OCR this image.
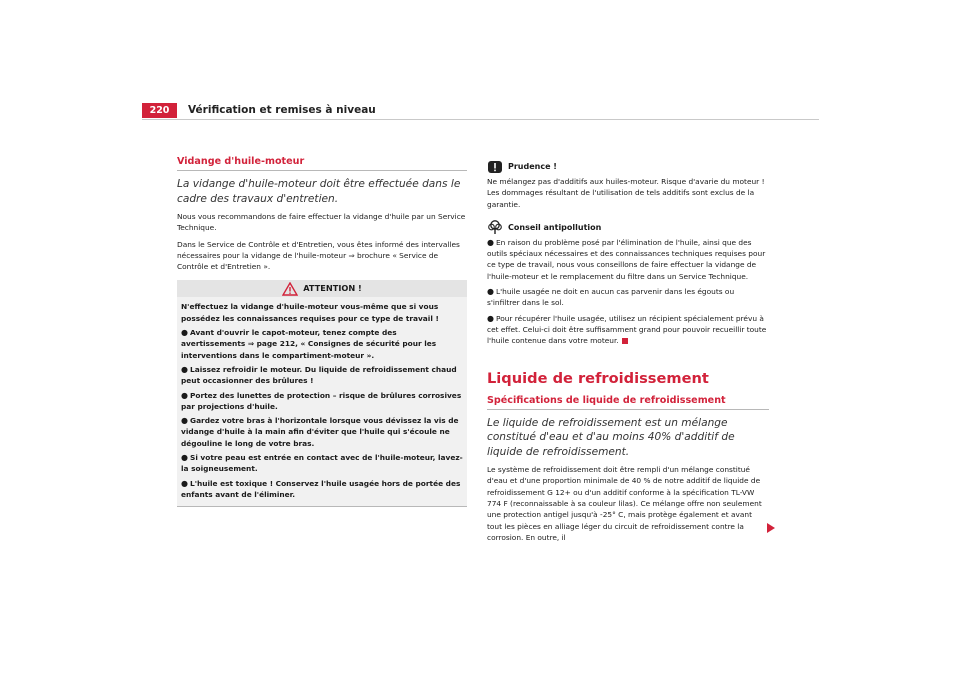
220	Vérification et remises à niveau
Vidange d'huile-moteur
La vidange d'huile-moteur doit être effectuée dans le cadre des travaux d'entretien.

Nous vous recommandons de faire effectuer la vidange d'huile par un Service Technique.

Dans le Service de Contrôle et d'Entretien, vous êtes informé des intervalles nécessaires pour la vidange de l'huile-moteur ⇒ brochure « Service de Contrôle et d'Entretien ».

ATTENTION !
N'effectuez la vidange d'huile-moteur vous-même que si vous possédez les connaissances requises pour ce type de travail !
● Avant d'ouvrir le capot-moteur, tenez compte des avertissements ⇒ page 212, « Consignes de sécurité pour les interventions dans le compartiment-moteur ».
● Laissez refroidir le moteur. Du liquide de refroidissement chaud peut occasionner des brûlures !
● Portez des lunettes de protection – risque de brûlures corrosives par projections d'huile.
● Gardez votre bras à l'horizontale lorsque vous dévissez la vis de vidange d'huile à la main afin d'éviter que l'huile qui s'écoule ne dégouline le long de votre bras.
● Si votre peau est entrée en contact avec de l'huile-moteur, lavez-la soigneusement.
● L'huile est toxique ! Conservez l'huile usagée hors de portée des enfants avant de l'éliminer.
Prudence !

Ne mélangez pas d'additifs aux huiles-moteur. Risque d'avarie du moteur ! Les dommages résultant de l'utilisation de tels additifs sont exclus de la garantie.

Conseil antipollution
● En raison du problème posé par l'élimination de l'huile, ainsi que des outils spéciaux nécessaires et des connaissances techniques requises pour ce type de travail, nous vous conseillons de faire effectuer la vidange de l'huile-moteur et le remplacement du filtre dans un Service Technique.
● L'huile usagée ne doit en aucun cas parvenir dans les égouts ou s'infiltrer dans le sol.
● Pour récupérer l'huile usagée, utilisez un récipient spécialement prévu à cet effet. Celui-ci doit être suffisamment grand pour pouvoir recueillir toute l'huile contenue dans votre moteur.
Liquide de refroidissement
Spécifications de liquide de refroidissement
Le liquide de refroidissement est un mélange constitué d'eau et d'au moins 40% d'additif de liquide de refroidissement.

Le système de refroidissement doit être rempli d'un mélange constitué d'eau et d'une proportion minimale de 40 % de notre additif de liquide de refroidissement G 12+ ou d'un additif conforme à la spécification TL-VW 774 F (reconnaissable à sa couleur lilas). Ce mélange offre non seulement une protection antigel jusqu'à -25° C, mais protège également et avant tout les pièces en alliage léger du circuit de refroidissement contre la corrosion. En outre, il
